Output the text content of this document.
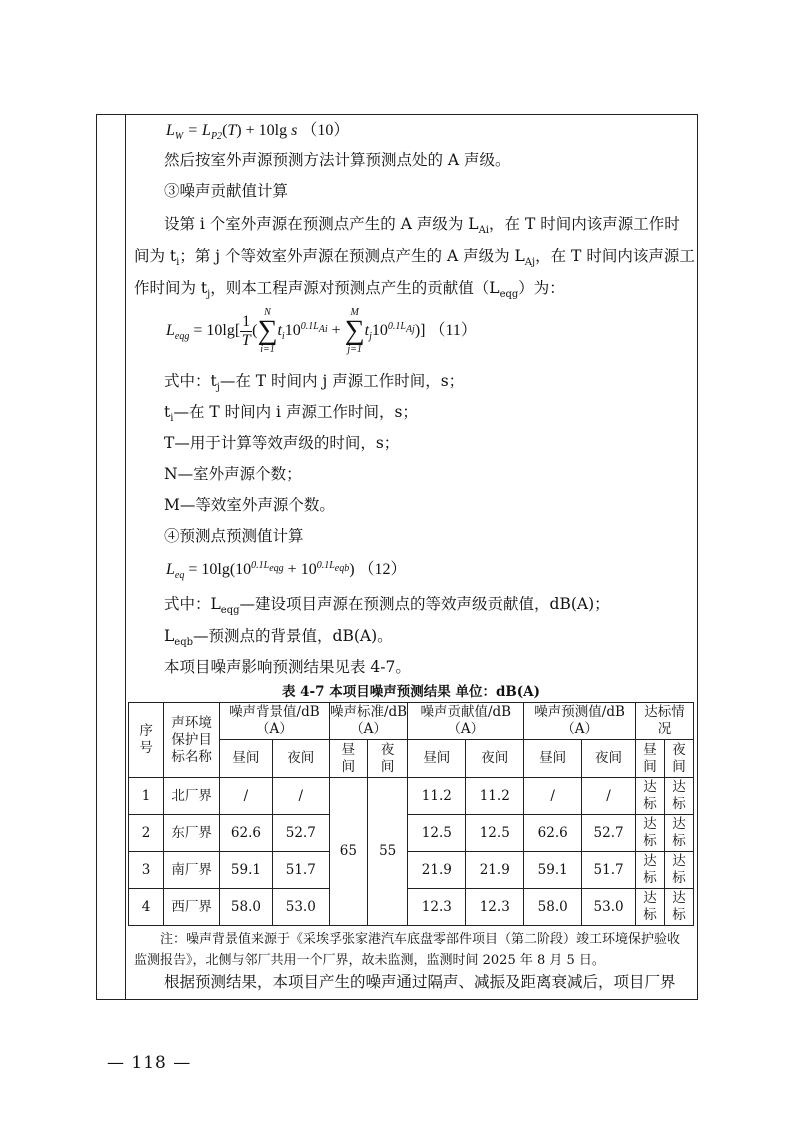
$L_W = L_{P2}(T) + 10\lg$ s （10）
然后按室外声源预测方法计算预测点处的 A 声级。
③噪声贡献值计算
设第 i 个室外声源在预测点产生的 A 声级为 $L_{Ai}$，在 T 时间内该声源工作时
间为 $t_i$；第 j 个等效室外声源在预测点产生的 A 声级为 $L_{Aj}$，在 T 时间内该声源工
作时间为 $t_j$，则本工程声源对预测点产生的贡献值$(L_{eqg})$为：
$L_{eqg} = 10\lg[ \frac{1}{T}$ (
N
∑
i=1
$t_i10^{0.1L_{Ai}}$ +
M
∑
j=1
$t_j10^{0.1L_{Aj}}$)] （11）
式中：$t_j—$在 T 时间内 j 声源工作时间，s；
$t_i—$在 T 时间内 i 声源工作时间，s；
T—用于计算等效声级的时间，s；
N—室外声源个数；
M—等效室外声源个数。
④预测点预测值计算
$L_{eq} = 10\lg(10^{0.1L_{eqg}} + 10^{0.1L_{eqb}})$ （12）
式中：$L_{eqg}—$建设项目声源在预测点的等效声级贡献值，dB(A)；
$L_{eqb}—$预测点的背景值，dB(A)。
本项目噪声影响预测结果见表 4-7。
表 4-7 本项目噪声预测结果 单位：dB(A)
序号	声环境保护目标名称	噪声背景值/dB（A）		噪声标准/dB（A）		噪声贡献值/dB（A）		噪声预测值/dB（A）		达标情况	
		昼间	夜间	昼间	夜间	昼间	夜间	昼间	夜间	昼间	夜间
1	北厂界	/	/	65	55	11.2	11.2	/	/	达标	达标
2	东厂界	62.6	52.7			12.5	12.5	62.6	52.7	达标	达标
3	南厂界	59.1	51.7			21.9	21.9	59.1	51.7	达标	达标
4	西厂界	58.0	53.0			12.3	12.3	58.0	53.0	达标	达标
注：噪声背景值来源于《采埃孚张家港汽车底盘零部件项目（第二阶段）竣工环境保护验收监测报告》，北侧与邻厂共用一个厂界，故未监测，监测时间 2025 年 8 月 5 日。
根据预测结果，本项目产生的噪声通过隔声、减振及距离衰减后，项目厂界
— 118 —
